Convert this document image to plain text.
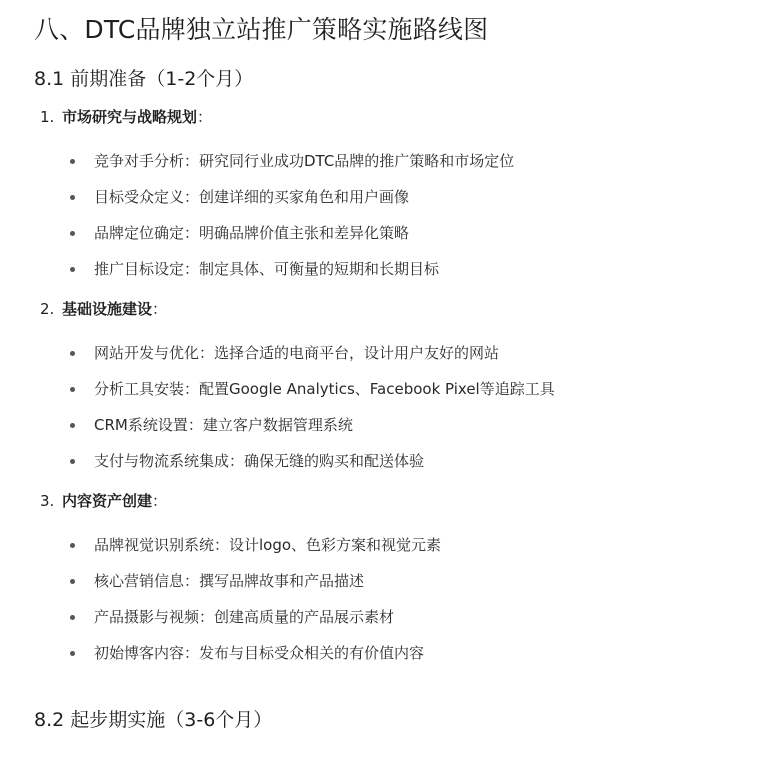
八、DTC品牌独立站推广策略实施路线图
8.1 前期准备（1-2个月）
1. 市场研究与战略规划：
竞争对手分析：研究同行业成功DTC品牌的推广策略和市场定位
目标受众定义：创建详细的买家角色和用户画像
品牌定位确定：明确品牌价值主张和差异化策略
推广目标设定：制定具体、可衡量的短期和长期目标
2. 基础设施建设：
网站开发与优化：选择合适的电商平台，设计用户友好的网站
分析工具安装：配置Google Analytics、Facebook Pixel等追踪工具
CRM系统设置：建立客户数据管理系统
支付与物流系统集成：确保无缝的购买和配送体验
3. 内容资产创建：
品牌视觉识别系统：设计logo、色彩方案和视觉元素
核心营销信息：撰写品牌故事和产品描述
产品摄影与视频：创建高质量的产品展示素材
初始博客内容：发布与目标受众相关的有价值内容
8.2 起步期实施（3-6个月）
